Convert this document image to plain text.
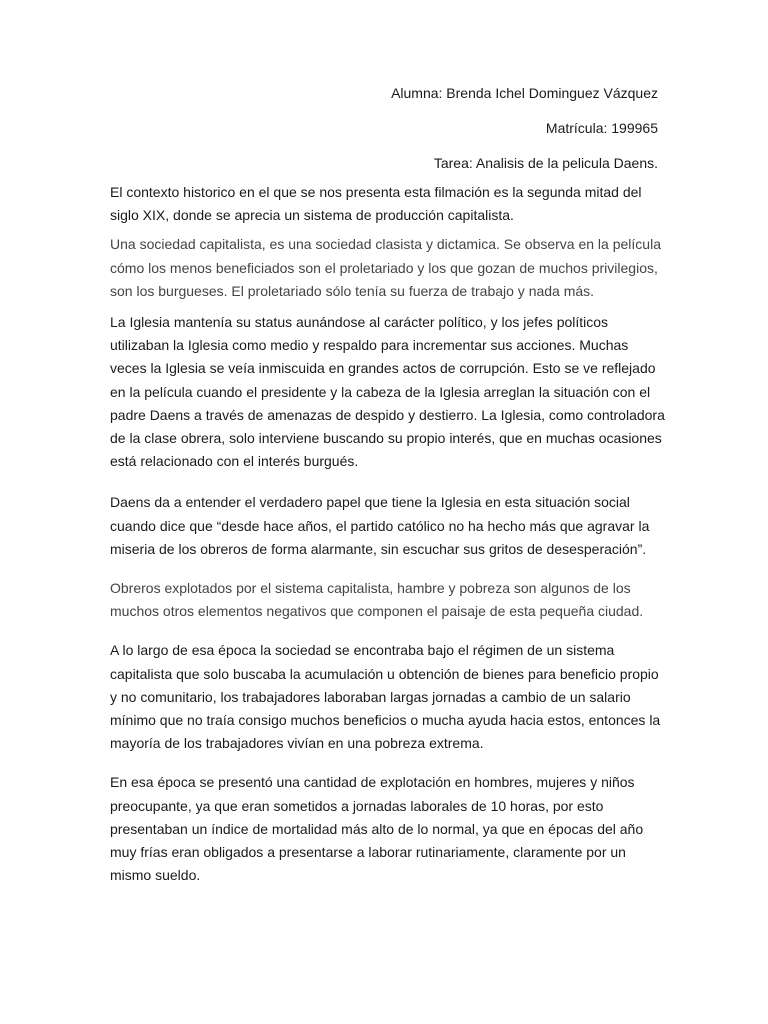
Alumna: Brenda Ichel Dominguez Vázquez
Matrícula: 199965
Tarea: Analisis de la pelicula Daens.

El contexto historico en el que se nos presenta esta filmación es la segunda mitad del siglo XIX, donde se aprecia un sistema de producción capitalista.

Una sociedad capitalista, es una sociedad clasista y dictamica. Se observa en la película cómo los menos beneficiados son el proletariado y los que gozan de muchos privilegios, son los burgueses. El proletariado sólo tenía su fuerza de trabajo y nada más.

La Iglesia mantenía su status aunándose al carácter político, y los jefes políticos utilizaban la Iglesia como medio y respaldo para incrementar sus acciones. Muchas veces la Iglesia se veía inmiscuida en grandes actos de corrupción. Esto se ve reflejado en la película cuando el presidente y la cabeza de la Iglesia arreglan la situación con el padre Daens a través de amenazas de despido y destierro. La Iglesia, como controladora de la clase obrera, solo interviene buscando su propio interés, que en muchas ocasiones está relacionado con el interés burgués.

Daens da a entender el verdadero papel que tiene la Iglesia en esta situación social cuando dice que “desde hace años, el partido católico no ha hecho más que agravar la miseria de los obreros de forma alarmante, sin escuchar sus gritos de desesperación”.

Obreros explotados por el sistema capitalista, hambre y pobreza son algunos de los muchos otros elementos negativos que componen el paisaje de esta pequeña ciudad.

A lo largo de esa época la sociedad se encontraba bajo el régimen de un sistema capitalista que solo buscaba la acumulación u obtención de bienes para beneficio propio y no comunitario, los trabajadores laboraban largas jornadas a cambio de un salario mínimo que no traía consigo muchos beneficios o mucha ayuda hacia estos, entonces la mayoría de los trabajadores vivían en una pobreza extrema.

En esa época se presentó una cantidad de explotación en hombres, mujeres y niños preocupante, ya que eran sometidos a jornadas laborales de 10 horas, por esto presentaban un índice de mortalidad más alto de lo normal, ya que en épocas del año muy frías eran obligados a presentarse a laborar rutinariamente, claramente por un mismo sueldo.
